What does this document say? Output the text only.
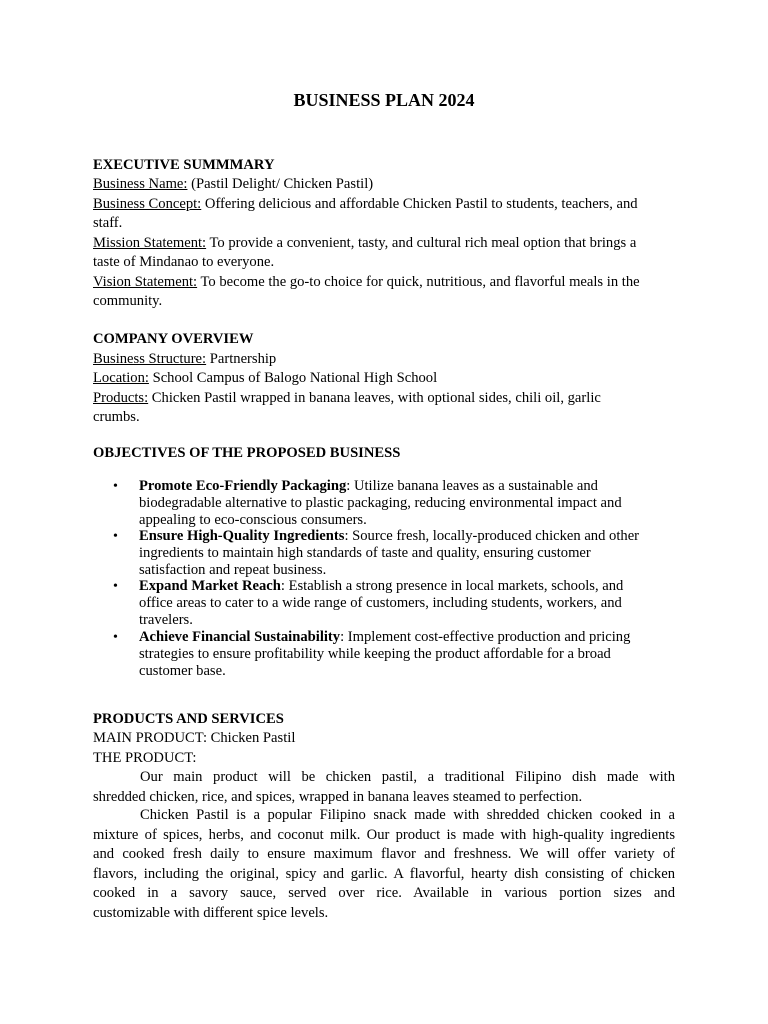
BUSINESS PLAN 2024
EXECUTIVE SUMMMARY
Business Name: (Pastil Delight/ Chicken Pastil)
Business Concept: Offering delicious and affordable Chicken Pastil to students, teachers, and
staff.
Mission Statement: To provide a convenient, tasty, and cultural rich meal option that brings a
taste of Mindanao to everyone.
Vision Statement: To become the go-to choice for quick, nutritious, and flavorful meals in the
community.
COMPANY OVERVIEW
Business Structure: Partnership
Location: School Campus of Balogo National High School
Products: Chicken Pastil wrapped in banana leaves, with optional sides, chili oil, garlic
crumbs.
OBJECTIVES OF THE PROPOSED BUSINESS
• Promote Eco-Friendly Packaging: Utilize banana leaves as a sustainable and
biodegradable alternative to plastic packaging, reducing environmental impact and
appealing to eco-conscious consumers.
• Ensure High-Quality Ingredients: Source fresh, locally-produced chicken and other
ingredients to maintain high standards of taste and quality, ensuring customer
satisfaction and repeat business.
• Expand Market Reach: Establish a strong presence in local markets, schools, and
office areas to cater to a wide range of customers, including students, workers, and
travelers.
• Achieve Financial Sustainability: Implement cost-effective production and pricing
strategies to ensure profitability while keeping the product affordable for a broad
customer base.
PRODUCTS AND SERVICES
MAIN PRODUCT: Chicken Pastil
THE PRODUCT:
Our main product will be chicken pastil, a traditional Filipino dish made with
shredded chicken, rice, and spices, wrapped in banana leaves steamed to perfection.
Chicken Pastil is a popular Filipino snack made with shredded chicken cooked in a
mixture of spices, herbs, and coconut milk. Our product is made with high-quality ingredients
and cooked fresh daily to ensure maximum flavor and freshness. We will offer variety of
flavors, including the original, spicy and garlic. A flavorful, hearty dish consisting of chicken
cooked in a savory sauce, served over rice. Available in various portion sizes and
customizable with different spice levels.
